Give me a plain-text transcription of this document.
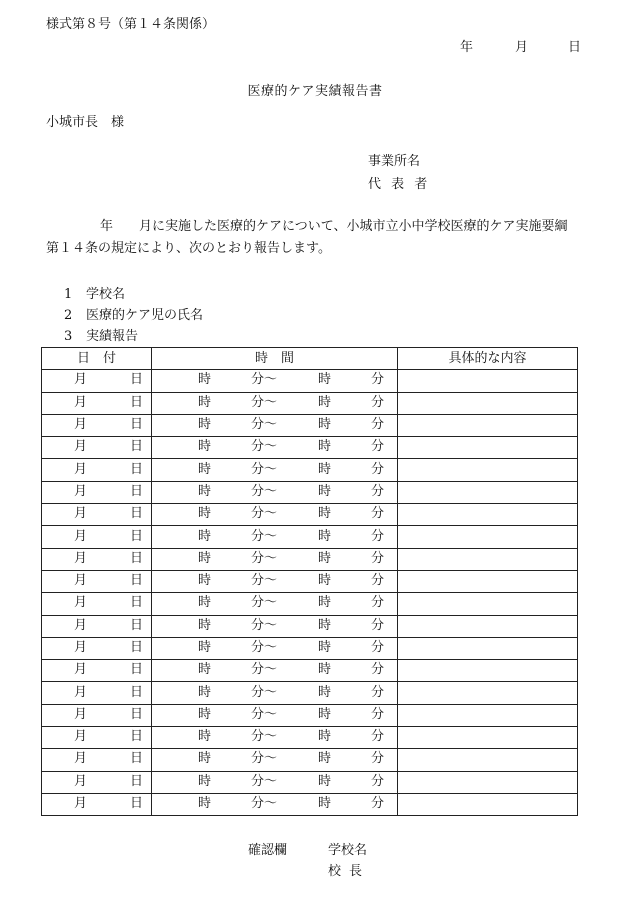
様式第８号（第１４条関係）
年	月	日
医療的ケア実績報告書
小城市長　様
事業所名
代 表 者
年　　月に実施した医療的ケアについて、小城市立小中学校医療的ケア実施要綱
第１４条の規定により、次のとおり報告します。
1 学校名
2 医療的ケア児の氏名
3 実績報告
日　付	時　間	具体的な内容

月 日	時 分～ 時 分	

月 日	時 分～ 時 分	

月 日	時 分～ 時 分	

月 日	時 分～ 時 分	

月 日	時 分～ 時 分	

月 日	時 分～ 時 分	

月 日	時 分～ 時 分	

月 日	時 分～ 時 分	

月 日	時 分～ 時 分	

月 日	時 分～ 時 分	

月 日	時 分～ 時 分	

月 日	時 分～ 時 分	

月 日	時 分～ 時 分	

月 日	時 分～ 時 分	

月 日	時 分～ 時 分	

月 日	時 分～ 時 分	

月 日	時 分～ 時 分	

月 日	時 分～ 時 分	

月 日	時 分～ 時 分	

月 日	時 分～ 時 分	

確認欄	学校名
校長
